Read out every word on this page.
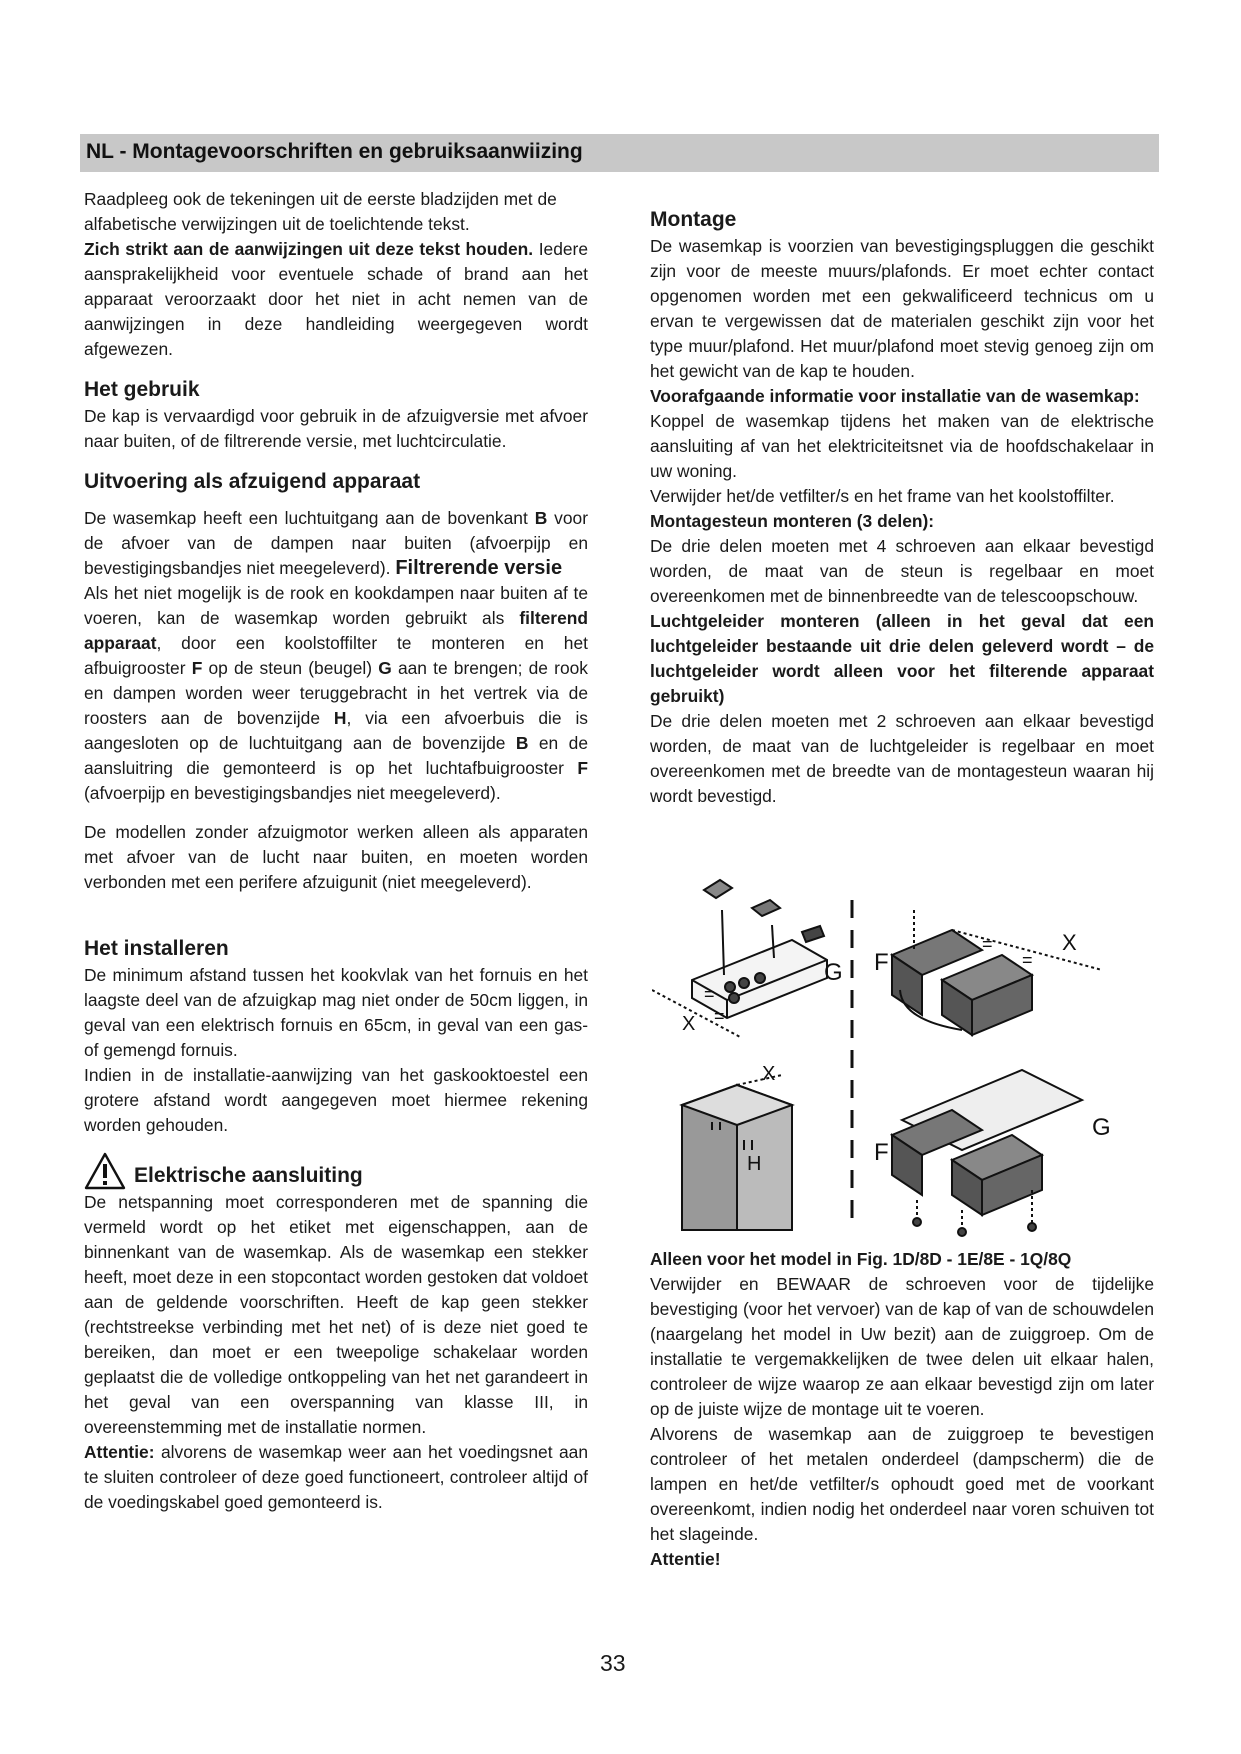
NL - Montagevoorschriften en gebruiksaanwiizing

Raadpleeg ook de tekeningen uit de eerste bladzijden met de alfabetische verwijzingen uit de toelichtende tekst.

Zich strikt aan de aanwijzingen uit deze tekst houden. Iedere aansprakelijkheid voor eventuele schade of brand aan het apparaat veroorzaakt door het niet in acht nemen van de aanwijzingen in deze handleiding weergegeven wordt afgewezen.

Het gebruik

De kap is vervaardigd voor gebruik in de afzuigversie met afvoer naar buiten, of de filtrerende versie, met luchtcirculatie.

Uitvoering als afzuigend apparaat

De wasemkap heeft een luchtuitgang aan de bovenkant B voor de afvoer van de dampen naar buiten (afvoerpijp en bevestigingsbandjes niet meegeleverd). Filtrerende versie

Als het niet mogelijk is de rook en kookdampen naar buiten af te voeren, kan de wasemkap worden gebruikt als filterend apparaat, door een koolstoffilter te monteren en het afbuigrooster F op de steun (beugel) G aan te brengen; de rook en dampen worden weer teruggebracht in het vertrek via de roosters aan de bovenzijde H, via een afvoerbuis die is aangesloten op de luchtuitgang aan de bovenzijde B en de aansluitring die gemonteerd is op het luchtafbuigrooster F (afvoerpijp en bevestigingsbandjes niet meegeleverd).

De modellen zonder afzuigmotor werken alleen als apparaten met afvoer van de lucht naar buiten, en moeten worden verbonden met een perifere afzuigunit (niet meegeleverd).

Het installeren

De minimum afstand tussen het kookvlak van het fornuis en het laagste deel van de afzuigkap mag niet onder de 50cm liggen, in geval van een elektrisch fornuis en 65cm, in geval van een gas- of gemengd fornuis.

Indien in de installatie-aanwijzing van het gaskooktoestel een grotere afstand wordt aangegeven moet hiermee rekening worden gehouden.

Elektrische aansluiting

De netspanning moet corresponderen met de spanning die vermeld wordt op het etiket met eigenschappen, aan de binnenkant van de wasemkap. Als de wasemkap een stekker heeft, moet deze in een stopcontact worden gestoken dat voldoet aan de geldende voorschriften. Heeft de kap geen stekker (rechtstreekse verbinding met het net) of is deze niet goed te bereiken, dan moet er een tweepolige schakelaar worden geplaatst die de volledige ontkoppeling van het net garandeert in het geval van een overspanning van klasse III, in overeenstemming met de installatie normen.

Attentie: alvorens de wasemkap weer aan het voedingsnet aan te sluiten controleer of deze goed functioneert, controleer altijd of de voedingskabel goed gemonteerd is.

Montage

De wasemkap is voorzien van bevestigingspluggen die geschikt zijn voor de meeste muurs/plafonds. Er moet echter contact opgenomen worden met een gekwalificeerd technicus om u ervan te vergewissen dat de materialen geschikt zijn voor het type muur/plafond. Het muur/plafond moet stevig genoeg zijn om het gewicht van de kap te houden.

Voorafgaande informatie voor installatie van de wasemkap:

Koppel de wasemkap tijdens het maken van de elektrische aansluiting af van het elektriciteitsnet via de hoofdschakelaar in uw woning.

Verwijder het/de vetfilter/s en het frame van het koolstoffilter.

Montagesteun monteren (3 delen):

De drie delen moeten met 4 schroeven aan elkaar bevestigd worden, de maat van de steun is regelbaar en moet overeenkomen met de binnenbreedte van de telescoopschouw.

Luchtgeleider monteren (alleen in het geval dat een luchtgeleider bestaande uit drie delen geleverd wordt – de luchtgeleider wordt alleen voor het filterende apparaat gebruikt)

De drie delen moeten met 2 schroeven aan elkaar bevestigd worden, de maat van de luchtgeleider is regelbaar en moet overeenkomen met de breedte van de montagesteun waaran hij wordt bevestigd.

=
=
X
G F
X
=
=
X
H
G
F

Alleen voor het model in Fig. 1D/8D - 1E/8E - 1Q/8Q

Verwijder en BEWAAR de schroeven voor de tijdelijke bevestiging (voor het vervoer) van de kap of van de schouwdelen (naargelang het model in Uw bezit) aan de zuiggroep. Om de installatie te vergemakkelijken de twee delen uit elkaar halen, controleer de wijze waarop ze aan elkaar bevestigd zijn om later op de juiste wijze de montage uit te voeren.

Alvorens de wasemkap aan de zuiggroep te bevestigen controleer of het metalen onderdeel (dampscherm) die de lampen en het/de vetfilter/s ophoudt goed met de voorkant overeenkomt, indien nodig het onderdeel naar voren schuiven tot het slageinde.

Attentie!

33
